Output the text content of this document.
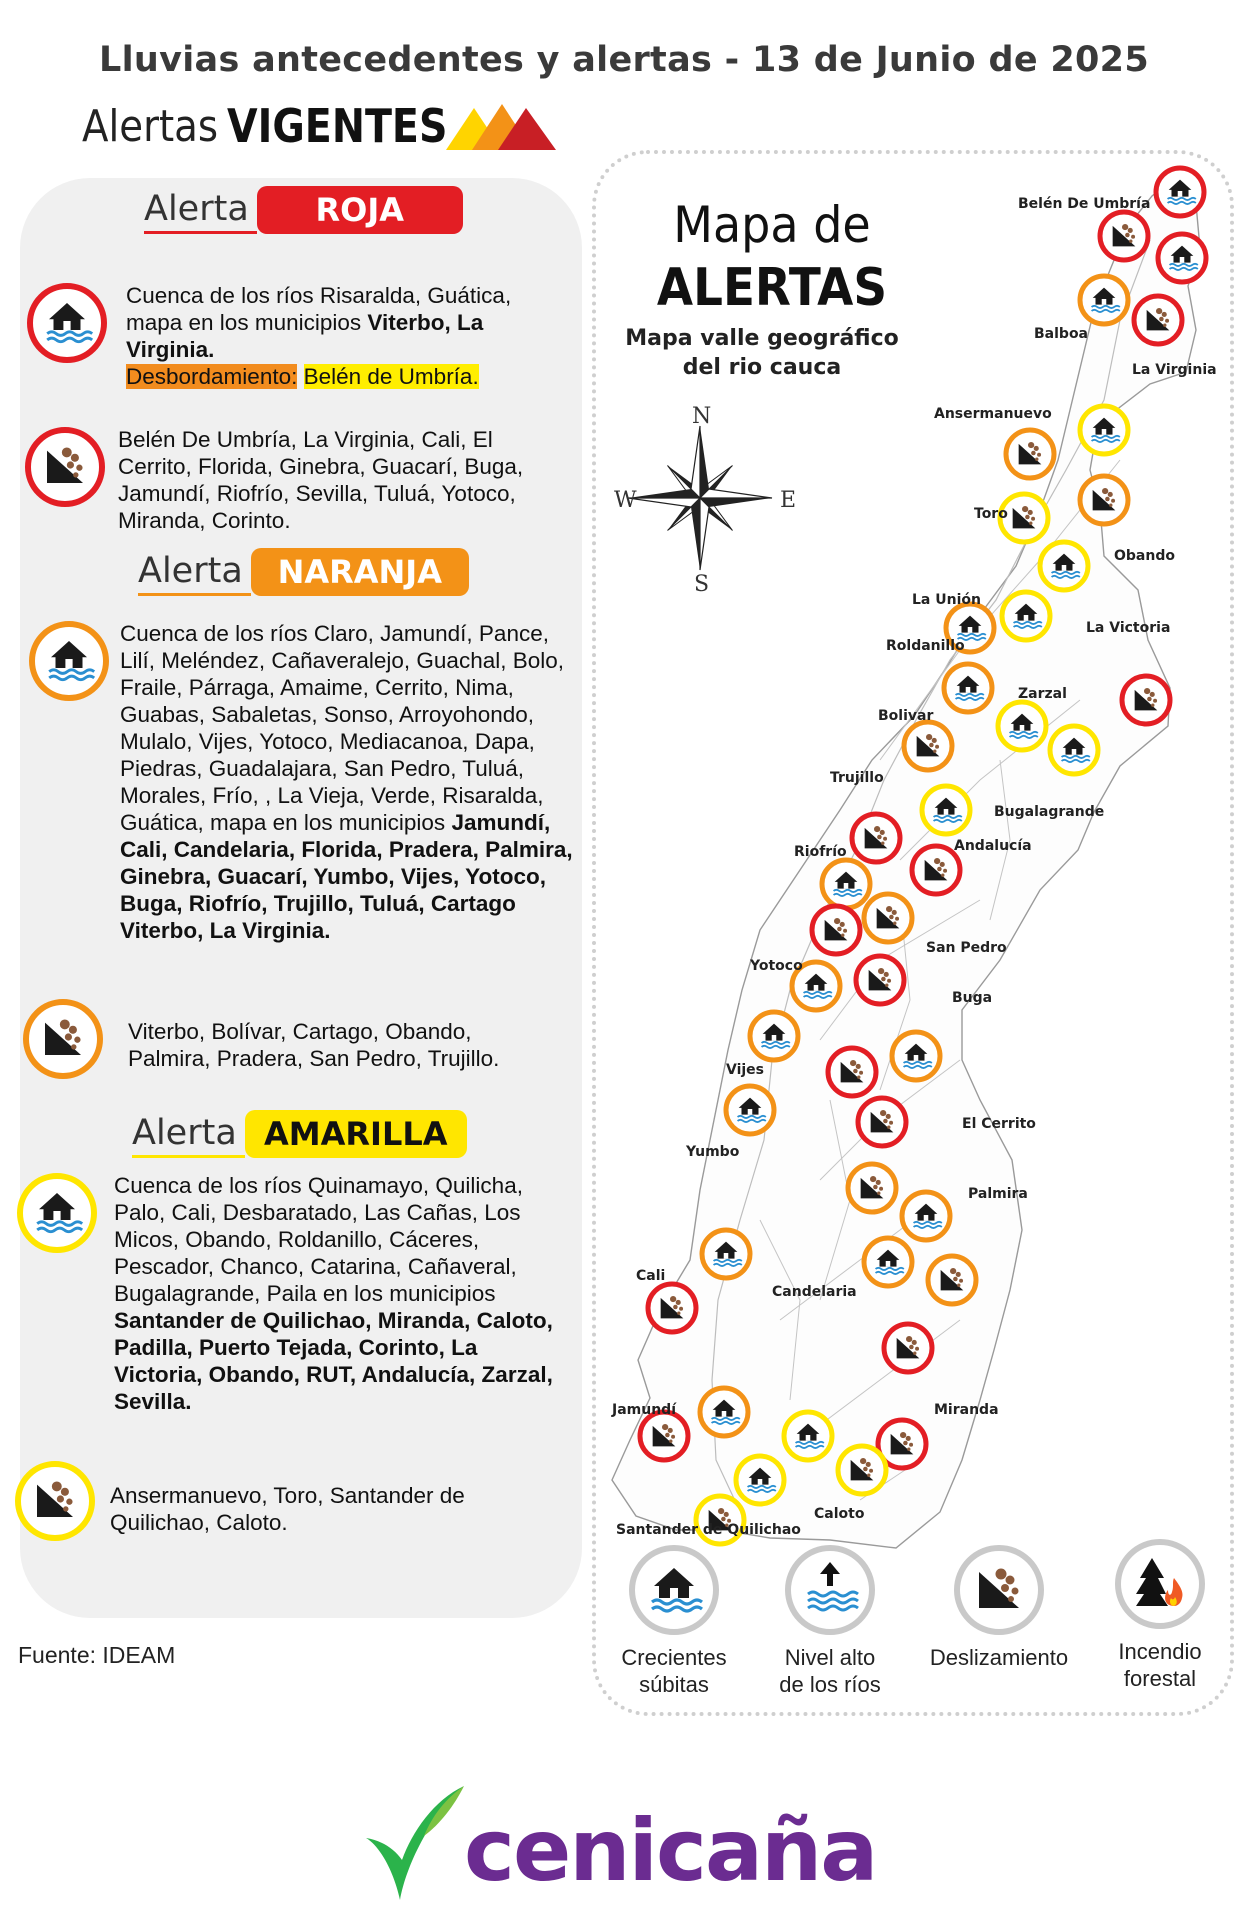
Lluvias antecedentes y alertas - 13 de Junio de 2025
Alertas VIGENTES
Alerta	ROJA
Cuenca de los ríos Risaralda, Guática, mapa en los municipios Viterbo, La Virginia.
Desbordamiento: Belén de Umbría.
Belén De Umbría, La Virginia, Cali, El Cerrito, Florida, Ginebra, Guacarí, Buga, Jamundí, Riofrío, Sevilla, Tuluá, Yotoco, Miranda, Corinto.
Alerta	NARANJA
Cuenca de los ríos Claro, Jamundí, Pance, Lilí, Meléndez, Cañaveralejo, Guachal, Bolo, Fraile, Párraga, Amaime, Cerrito, Nima, Guabas, Sabaletas, Sonso, Arroyohondo, Mulalo, Vijes, Yotoco, Mediacanoa, Dapa, Piedras, Guadalajara, San Pedro, Tuluá, Morales, Frío, , La Vieja, Verde, Risaralda, Guática, mapa en los municipios Jamundí, Cali, Candelaria, Florida, Pradera, Palmira, Ginebra, Guacarí, Yumbo, Vijes, Yotoco, Buga, Riofrío, Trujillo, Tuluá, Cartago Viterbo, La Virginia.
Viterbo, Bolívar, Cartago, Obando, Palmira, Pradera, San Pedro, Trujillo.
Alerta AMARILLA
Cuenca de los ríos Quinamayo, Quilicha, Palo, Cali, Desbaratado, Las Cañas, Los Micos, Obando, Roldanillo, Cáceres, Pescador, Chanco, Catarina, Cañaveral, Bugalagrande, Paila en los municipios Santander de Quilichao, Miranda, Caloto, Padilla, Puerto Tejada, Corinto, La Victoria, Obando, RUT, Andalucía, Zarzal, Sevilla.
Ansermanuevo, Toro, Santander de Quilichao, Caloto.
Fuente: IDEAM
Mapa de
ALERTAS
Mapa valle geográfico
del rio cauca
N
S
E
W
Belén De Umbría
Balboa
La Virginia
Ansermanuevo
Toro
Obando
La Unión
La Victoria
Roldanillo
Zarzal
Bolivar
Trujillo
Bugalagrande
Andalucía
Riofrío
San Pedro
Yotoco
Buga
Vijes
El Cerrito
Yumbo
Palmira
Cali
Candelaria
Jamundí	Miranda
Caloto
Santander de Quilichao
Crecientes
súbitas
Nivel alto
de los ríos
Deslizamiento	Incendio
forestal
cenicaña
